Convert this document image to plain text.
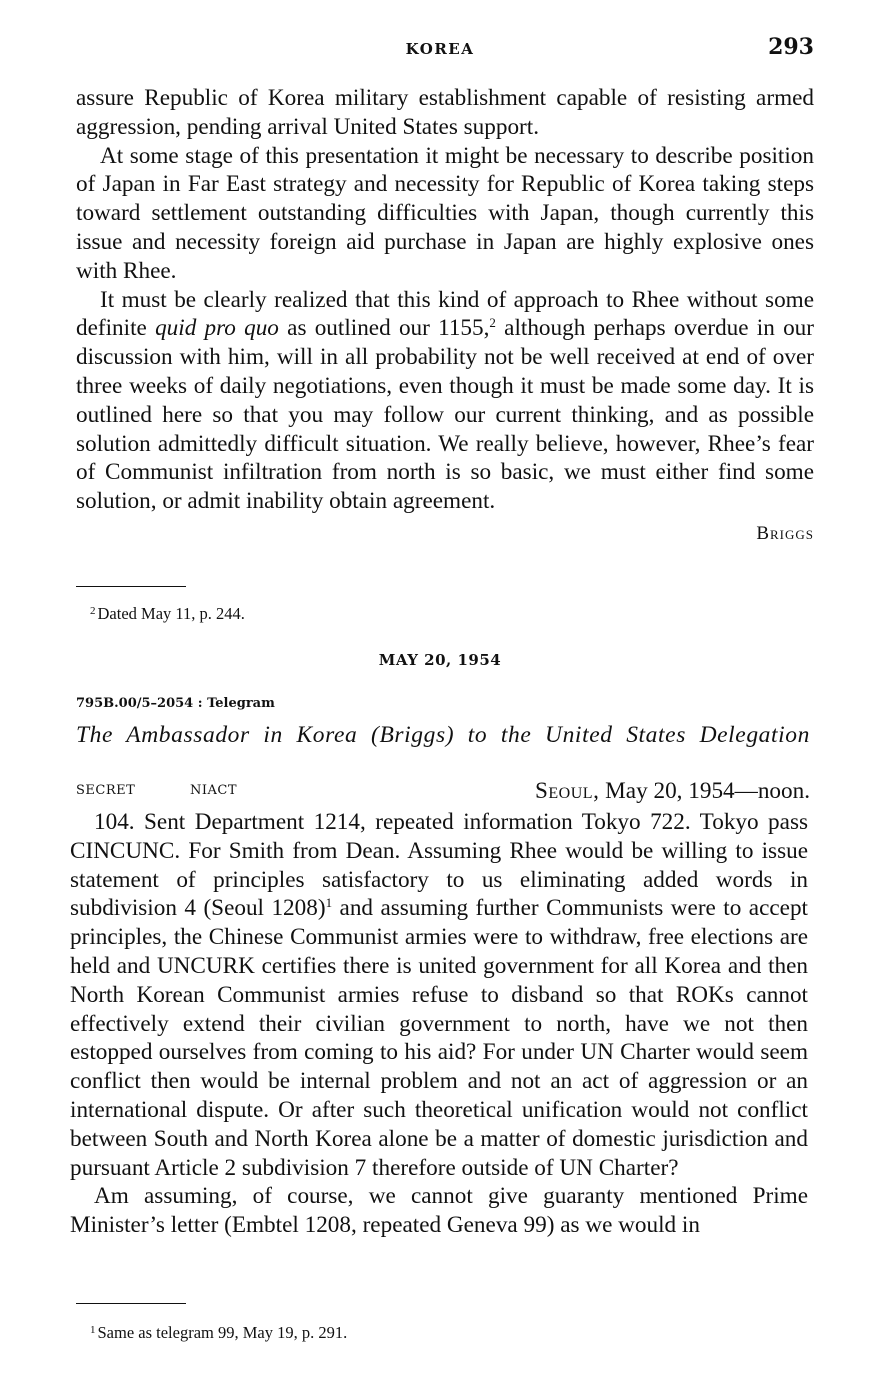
KOREA	293

assure Republic of Korea military establishment capable of resisting armed aggression, pending arrival United States support.

At some stage of this presentation it might be necessary to describe position of Japan in Far East strategy and necessity for Republic of Korea taking steps toward settlement outstanding difficulties with Japan, though currently this issue and necessity foreign aid purchase in Japan are highly explosive ones with Rhee.

It must be clearly realized that this kind of approach to Rhee without some definite quid pro quo as outlined our 1155,$^2$ although perhaps overdue in our discussion with him, will in all probability not be well received at end of over three weeks of daily negotiations, even though it must be made some day. It is outlined here so that you may follow our current thinking, and as possible solution admittedly difficult situation. We really believe, however, Rhee’s fear of Communist infiltration from north is so basic, we must either find some solution, or admit inability obtain agreement.

Briggs

$^2$ Dated May 11, p. 244.
MAY 20, 1954
795B.00/5–2054 : Telegram
The Ambassador in Korea (Briggs) to the United States Delegation
SECRET	NIACT	Seoul, May 20, 1954—noon.

104. Sent Department 1214, repeated information Tokyo 722. Tokyo pass CINCUNC. For Smith from Dean. Assuming Rhee would be willing to issue statement of principles satisfactory to us eliminating added words in subdivision 4 (Seoul 1208)$^1$ and assuming further Communists were to accept principles, the Chinese Communist armies were to withdraw, free elections are held and UNCURK certifies there is united government for all Korea and then North Korean Communist armies refuse to disband so that ROKs cannot effectively extend their civilian government to north, have we not then estopped ourselves from coming to his aid? For under UN Charter would seem conflict then would be internal problem and not an act of aggression or an international dispute. Or after such theoretical unification would not conflict between South and North Korea alone be a matter of domestic jurisdiction and pursuant Article 2 subdivision 7 therefore outside of UN Charter?

Am assuming, of course, we cannot give guaranty mentioned Prime Minister’s letter (Embtel 1208, repeated Geneva 99) as we would in

$^1$ Same as telegram 99, May 19, p. 291.
